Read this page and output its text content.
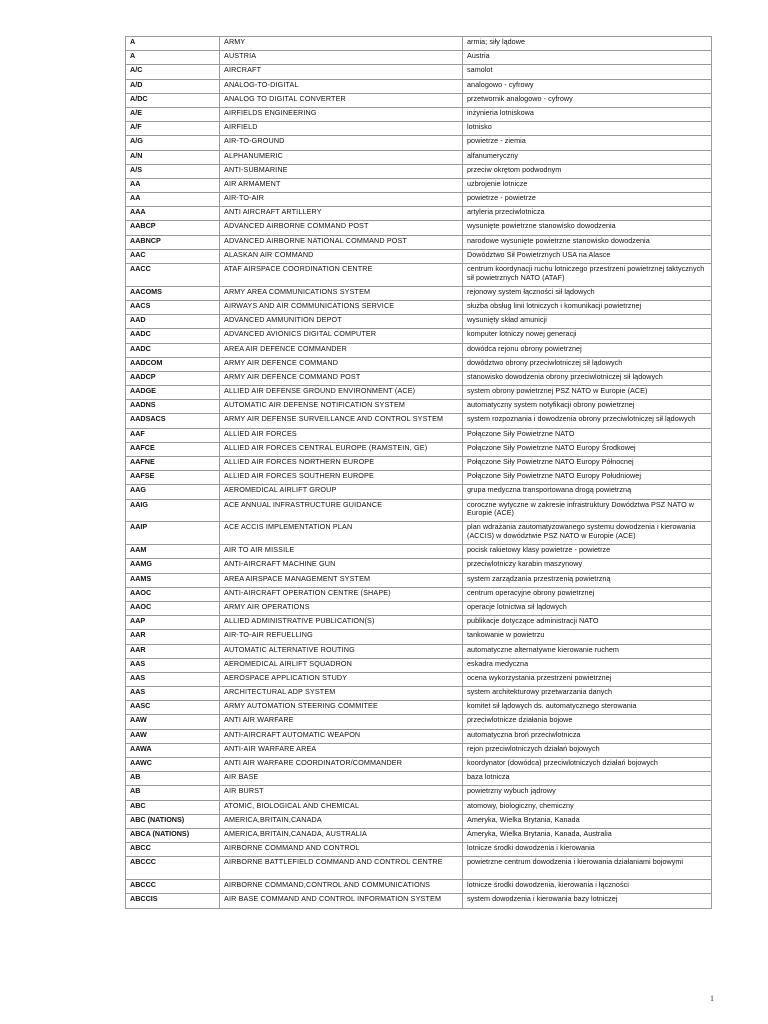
A	ARMY	armia; siły lądowe
A	AUSTRIA	Austria
A/C	AIRCRAFT	samolot
A/D	ANALOG-TO-DIGITAL	analogowo - cyfrowy
A/DC	ANALOG TO DIGITAL CONVERTER	przetwornik analogowo - cyfrowy
A/E	AIRFIELDS ENGINEERING	inżynieria lotniskowa
A/F	AIRFIELD	lotnisko
A/G	AIR-TO-GROUND	powietrze - ziemia
A/N	ALPHANUMERIC	alfanumeryczny
A/S	ANTI-SUBMARINE	przeciw okrętom podwodnym
AA	AIR ARMAMENT	uzbrojenie lotnicze
AA	AIR-TO-AIR	powietrze - powietrze
AAA	ANTI AIRCRAFT ARTILLERY	artyleria przeciwlotnicza
AABCP	ADVANCED AIRBORNE COMMAND POST	wysunięte powietrzne stanowisko dowodzenia
AABNCP	ADVANCED AIRBORNE NATIONAL COMMAND POST	narodowe wysunięte powietrzne stanowisko dowodzenia
AAC	ALASKAN AIR COMMAND	Dowództwo Sił Powietrznych USA na Alasce
AACC	ATAF AIRSPACE COORDINATION CENTRE	centrum koordynacji ruchu lotniczego przestrzeni powietrznej taktycznych sił powietrznych NATO (ATAF)
AACOMS	ARMY AREA COMMUNICATIONS SYSTEM	rejonowy system łączności sił lądowych
AACS	AIRWAYS AND AIR COMMUNICATIONS SERVICE	służba obsług linii lotniczych i komunikacji powietrznej
AAD	ADVANCED AMMUNITION DEPOT	wysunięty skład amunicji
AADC	ADVANCED AVIONICS DIGITAL COMPUTER	komputer lotniczy nowej generacji
AADC	AREA AIR DEFENCE COMMANDER	dowódca rejonu obrony powietrznej
AADCOM	ARMY AIR DEFENCE COMMAND	dowództwo obrony przeciwlotniczej sił lądowych
AADCP	ARMY AIR DEFENCE COMMAND POST	stanowisko dowodzenia obrony przeciwlotniczej sił lądowych
AADGE	ALLIED AIR DEFENSE GROUND ENVIRONMENT (ACE)	system obrony powietrznej PSZ NATO w Europie (ACE)
AADNS	AUTOMATIC AIR DEFENSE NOTIFICATION SYSTEM	automatyczny system notyfikacji obrony powietrznej
AADSACS	ARMY AIR DEFENSE SURVEILLANCE AND CONTROL SYSTEM	system rozpoznania i dowodzenia obrony przeciwlotniczej sił lądowych
AAF	ALLIED AIR FORCES	Połączone Siły Powietrzne NATO
AAFCE	ALLIED AIR FORCES CENTRAL EUROPE (RAMSTEIN, GE)	Połączone Siły Powietrzne NATO Europy Środkowej
AAFNE	ALLIED AIR FORCES NORTHERN EUROPE	Połączone Siły Powietrzne NATO Europy Północnej
AAFSE	ALLIED AIR FORCES SOUTHERN EUROPE	Połączone Siły Powietrzne NATO Europy Południowej
AAG	AEROMEDICAL AIRLIFT GROUP	grupa medyczna transportowana drogą powietrzną
AAIG	ACE ANNUAL INFRASTRUCTURE GUIDANCE	coroczne wytyczne w zakresie infrastruktury Dowództwa PSZ NATO w Europie (ACE)
AAIP	ACE ACCIS IMPLEMENTATION PLAN	plan wdrażania zautomatyzowanego systemu dowodzenia i kierowania (ACCIS) w dowództwie PSZ NATO w Europie (ACE)
AAM	AIR TO AIR MISSILE	pocisk rakietowy klasy powietrze - powietrze
AAMG	ANTI-AIRCRAFT MACHINE GUN	przeciwlotniczy karabin maszynowy
AAMS	AREA AIRSPACE MANAGEMENT SYSTEM	system zarządzania przestrzenią powietrzną
AAOC	ANTI-AIRCRAFT OPERATION CENTRE (SHAPE)	centrum operacyjne obrony powietrznej
AAOC	ARMY AIR OPERATIONS	operacje lotnictwa sił lądowych
AAP	ALLIED ADMINISTRATIVE PUBLICATION(S)	publikacje dotyczące administracji NATO
AAR	AIR-TO-AIR REFUELLING	tankowanie w powietrzu
AAR	AUTOMATIC ALTERNATIVE ROUTING	automatyczne alternatywne kierowanie ruchem
AAS	AEROMEDICAL AIRLIFT SQUADRON	eskadra medyczna
AAS	AEROSPACE APPLICATION STUDY	ocena wykorzystania przestrzeni powietrznej
AAS	ARCHITECTURAL ADP SYSTEM	system architekturowy przetwarzania danych
AASC	ARMY AUTOMATION STEERING COMMITEE	komitet sił lądowych ds. automatycznego sterowania
AAW	ANTI AIR WARFARE	przeciwlotnicze działania bojowe
AAW	ANTI-AIRCRAFT AUTOMATIC WEAPON	automatyczna broń przeciwlotnicza
AAWA	ANTI-AIR WARFARE AREA	rejon przeciwlotniczych działań bojowych
AAWC	ANTI AIR WARFARE COORDINATOR/COMMANDER	koordynator (dowódca) przeciwlotniczych działań bojowych
AB	AIR BASE	baza lotnicza
AB	AIR BURST	powietrzny wybuch jądrowy
ABC	ATOMIC, BIOLOGICAL AND CHEMICAL	atomowy, biologiczny, chemiczny
ABC (NATIONS)	AMERICA,BRITAIN,CANADA	Ameryka, Wielka Brytania, Kanada
ABCA (NATIONS)	AMERICA,BRITAIN,CANADA, AUSTRALIA	Ameryka, Wielka Brytania, Kanada, Australia
ABCC	AIRBORNE COMMAND AND CONTROL	lotnicze środki dowodzenia i kierowania
ABCCC	AIRBORNE BATTLEFIELD COMMAND AND CONTROL CENTRE	powietrzne centrum dowodzenia i kierowania działaniami bojowymi
ABCCC	AIRBORNE COMMAND,CONTROL AND COMMUNICATIONS	lotnicze środki dowodzenia, kierowania i łączności
ABCCIS	AIR BASE COMMAND AND CONTROL INFORMATION SYSTEM	system dowodzenia i kierowania bazy lotniczej
1
